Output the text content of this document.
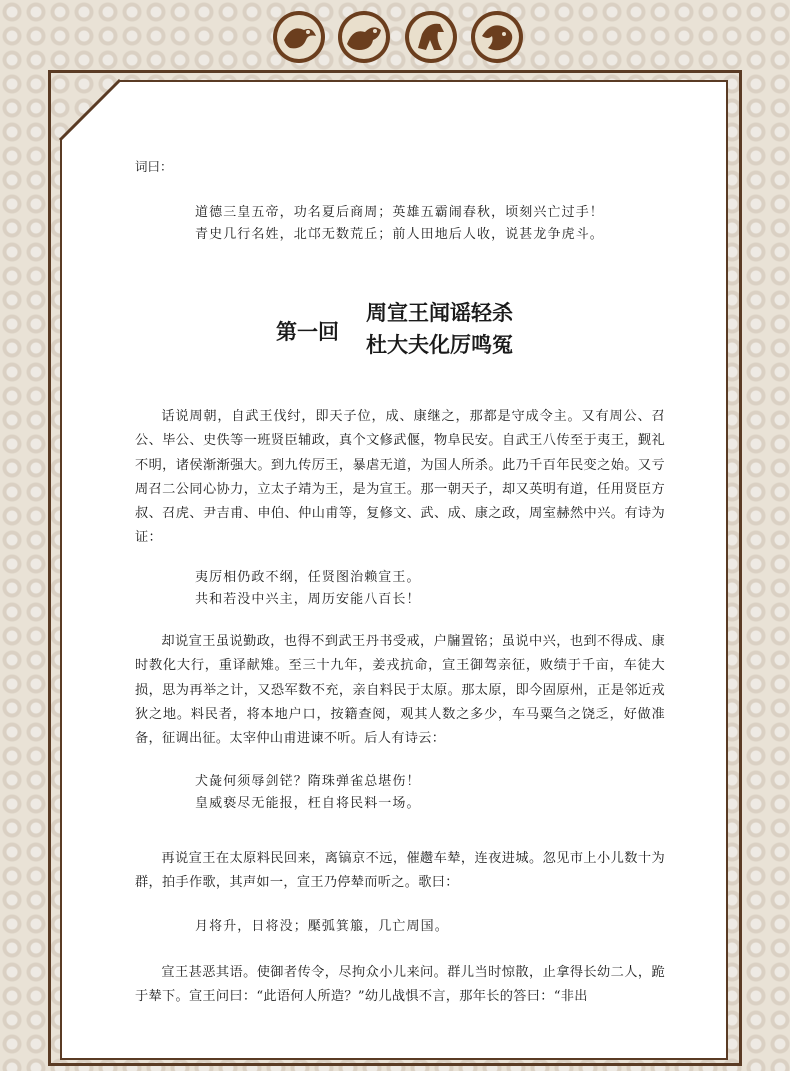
词曰：
道德三皇五帝，功名夏后商周；英雄五霸闹春秋，顷刻兴亡过手！
青史几行名姓，北邙无数荒丘；前人田地后人收，说甚龙争虎斗。
第一回
周宣王闻谣轻杀
杜大夫化厉鸣冤

话说周朝，自武王伐纣，即天子位，成、康继之，那都是守成令主。又有周公、召公、毕公、史佚等一班贤臣辅政，真个文修武偃，物阜民安。自武王八传至于夷王，觐礼不明，诸侯渐渐强大。到九传厉王，暴虐无道，为国人所杀。此乃千百年民变之始。又亏周召二公同心协力，立太子靖为王，是为宣王。那一朝天子，却又英明有道，任用贤臣方叔、召虎、尹吉甫、申伯、仲山甫等，复修文、武、成、康之政，周室赫然中兴。有诗为证：

夷厉相仍政不纲，任贤图治赖宣王。
共和若没中兴主，周历安能八百长！

却说宣王虽说勤政，也得不到武王丹书受戒，户牖置铭；虽说中兴，也到不得成、康时教化大行，重译献雉。至三十九年，姜戎抗命，宣王御驾亲征，败绩于千亩，车徒大损，思为再举之计，又恐军数不充，亲自料民于太原。那太原，即今固原州，正是邻近戎狄之地。料民者，将本地户口，按籍查阅，观其人数之多少，车马粟刍之饶乏，好做准备，征调出征。太宰仲山甫进谏不听。后人有诗云：

犬彘何须辱剑铓？隋珠弹雀总堪伤！
皇威亵尽无能报，枉自将民料一场。

再说宣王在太原料民回来，离镐京不远，催趱车辇，连夜进城。忽见市上小儿数十为群，拍手作歌，其声如一，宣王乃停辇而听之。歌曰：

月将升，日将没；檿弧箕箙，几亡周国。

宣王甚恶其语。使御者传令，尽拘众小儿来问。群儿当时惊散，止拿得长幼二人，跪于辇下。宣王问曰：“此语何人所造？”幼儿战惧不言，那年长的答曰：“非出
